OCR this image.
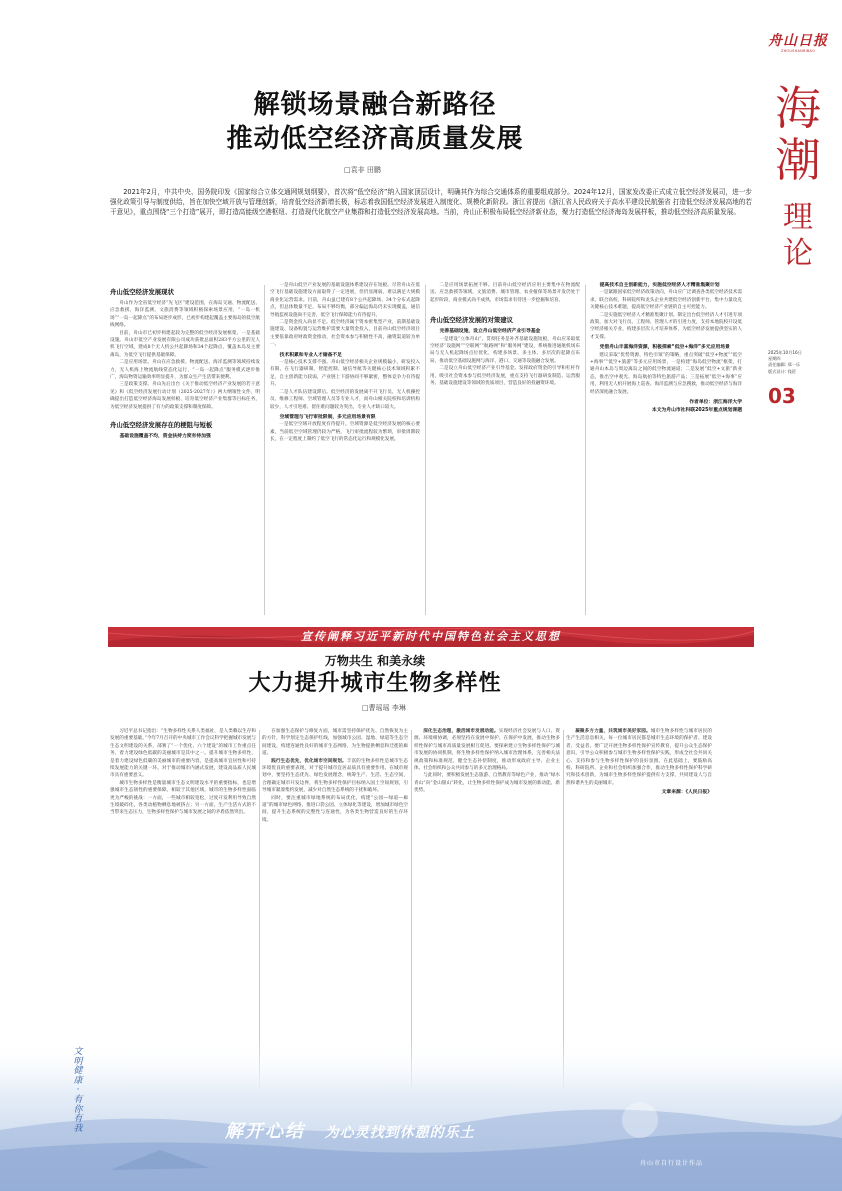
舟山日报
ZHOUSHANRIBAO
海
潮
理
论
2025年10月16日
星期四
责任编辑: 郑一乐
版式设计: 钱蓓
03
解锁场景融合新路径
推动低空经济高质量发展
□袁非 田鹏
2021年2月，中共中央、国务院印发《国家综合立体交通网规划纲要》，首次将“低空经济”纳入国家顶层设计，明确其作为综合交通体系的重要组成部分。2024年12月，国家发改委正式成立低空经济发展司，进一步强化政策引导与制度供给，旨在加快空域开放与管理创新，培育低空经济新增长极，标志着我国低空经济发展进入制度化、规模化新阶段。浙江省提出《浙江省人民政府关于高水平建设民航强省 打造低空经济发展高地的若干意见》，重点围绕“三个打造”展开，即打造高能级空港枢纽、打造现代化航空产业集群和打造低空经济发展高地。当前，舟山正积极布局低空经济新业态，聚力打造低空经济海岛发展样板，推动低空经济高质量发展。
舟山低空经济发展现状

舟山作为全省低空经济“先飞区”建设范围，在海岛交通、物流配送、应急救援、海洋监测、文旅消费等领域积极探索场景应用，“一岛一机场”“一岛一起降点”的布局逐步成形，已初步构建起覆盖主要海岛的低空航线网络。

目前，舟山市已初步构建起较为完整的低空经济发展框架，一是基础设施。舟山市低空产业发展有限公司成功获批总面积283平方公里的无人机飞行空域，建成8个无人机公共起降场和34个起降点，覆盖本岛及主要离岛，为低空飞行提供基础保障。

二是应用场景。舟山在应急救援、物流配送、海洋监测等领域持续发力，无人机海上物流航线常态化运行，“一岛一起降点”服务模式逐步推广，海岛物资运输效率明显提升，为群众生产生活带来便利。

三是政策支撑。舟山先后出台《关于推动低空经济产业发展的若干意见》和《低空经济发展行动计划（2025-2027年）》两大纲领性文件，明确提出打造低空经济海岛发展样板、培育低空经济产业集群等目标任务，为低空经济发展提供了有力的政策支撑和制度保障。

舟山低空经济发展存在的梗阻与短板
基础设施覆盖不均，资金扶持力度有待加强

一是舟山低空产业发展的基础设施体系建设存在短板。尽管舟山在低空飞行基础设施建设方面取得了一定进展，但仍显薄弱，难以满足大规模商业化运营需求。目前，舟山虽已建有8个公共起降场、34个分布式起降点，但总体数量不足，布局不够均衡，部分偏远海岛仍未实现覆盖，通信导航监视设施尚不完善，低空飞行保障能力有待提升。

二是资金投入尚显不足。低空经济属于资本密集型产业，前期基础设施建设、设备购置与运营维护需要大量资金投入，目前舟山低空经济项目主要依靠政府财政资金推动，社会资本参与积极性不高，融资渠道较为单一。

技术积累和专业人才储备不足

一是核心技术支撑不强。舟山低空经济相关企业规模偏小，研发投入有限，在飞行器研制、智能控制、通信导航等关键核心技术领域积累不足，自主创新能力较弱，产业链上下游协同不够紧密，整体竞争力有待提升。

二是人才队伍建设滞后。低空经济的发展离不开飞行员、无人机操控员、维修工程师、空域管理人员等专业人才，而舟山相关院校和培训机构较少，人才引进难、留住难问题较为突出，专业人才缺口较大。

空域管理与飞行审批限制，多元应用场景有限

一是低空空域开放程度有待提升。空域资源是低空经济发展的核心要素，当前低空空域管理仍较为严格，飞行审批流程较为繁琐，审批周期较长，在一定程度上制约了低空飞行的常态化运行和规模化发展。

二是应用场景拓展不够。目前舟山低空经济应用主要集中在物流配送、应急救援等领域，文旅消费、城市管理、农业植保等场景开发仍处于起步阶段，商业模式尚不成熟，市场需求有待进一步挖掘和培育。

舟山低空经济发展的对策建议
完善基础设施，设立舟山低空经济产业引导基金

一是建设“立体舟山”。贯彻任务是补齐基础设施短板，舟山应采取低空经济“设施网”“空联网”“航路网”和“服务网”建设，系统推进通航机场布局与无人机起降场点位优化，构建多场景、多主体、多层次的起降点布局，推动低空基础设施网与海洋、港口、交通等设施融合发展。

二是设立舟山低空经济产业引导基金。发挥政府资金的引导和杠杆作用，吸引社会资本参与低空经济发展，重点支持飞行器研发制造、运营服务、基础设施建设等领域的优质项目，营造良好的投融资环境。

提高技术自主创新能力，实施低空经济人才精准集聚计划

一是紧跟国家低空经济政策动向，舟山应广泛调查各类低空经济技术需求，联合高校、科研院所和龙头企业共建低空经济创新平台，集中力量攻克关键核心技术难题，提高低空经济产业链的自主可控能力。

二是实施低空经济人才精准集聚计划。制定出台低空经济人才引进专项政策，加大对飞行员、工程师、管理人才的引进力度，支持本地院校开设低空经济相关专业，构建多层次人才培养体系，为低空经济发展提供坚实的人才支撑。

凭借舟山丰富海洋资源，积极探索“低空+海洋”多元应用场景

建议采取“优势资源，特色引领”的策略，重点突破“低空+物流”“低空+海事”“低空+旅游”等多元应用场景，一是构建“海岛低空物流”框架，打通舟山本岛与周边离岛之间的低空物流通道；二是发展“低空+文旅”新业态，推出空中观光、海岛航拍等特色旅游产品；三是拓展“低空+海事”应用，利用无人机开展海上巡查、海洋监测与应急搜救，推动低空经济与海洋经济深度融合发展。

作者单位：浙江海洋大学
本文为舟山市社科联2025年重点规划课题
宣传阐释习近平新时代中国特色社会主义思想
万物共生 和美永续
大力提升城市生物多样性
□曹瑶瑶 李琳

习近平总书记指出：“生物多样性关系人类福祉，是人类赖以生存和发展的重要基础。”今年7月召开的中央城市工作会议科学把握城市发展与生态文明建设的关系，部署了“一个优化、六个建设”的城市工作重点任务，着力建设绿色低碳的美丽城市是其中之一。提升城市生物多样性，是着力建设绿色低碳的美丽城市的重要内容，是提高城市宜居性和可持续发展能力的关键一环。对于推动城市内涵式发展，建设高品质人民城市具有重要意义。

城市生物多样性是衡量城市生态文明建设水平的重要指标，也是增强城市生态韧性的重要保障。相较于其他区域，城市的生物多样性面临更为严峻的挑战：一方面，一些城市相较宽松，过度开发利用导致自然生境破碎化，各类动植物栖息地被挤占；另一方面，生产生活方式的不当带来生态压力，生物多样性保护与城市发展之间的矛盾依然突出。

在加强生态保护与修复方面，城市需坚持保护优先、自然恢复为主的方针，科学划定生态保护红线，加强城市公园、湿地、绿道等生态空间建设，构建连通性良好的城市生态网络，为生物提供栖息和迁徙的廊道。

践行生态优先，优化城市空间规划。丰富的生物多样性是城市生态环境优良的重要表现，对于提升城市宜居品质具有重要作用。在城市规划中，要坚持生态优先、绿色发展理念，统筹生产、生活、生态空间，合理确定城市开发边界，将生物多样性保护目标纳入国土空间规划，引导城市紧凑集约发展，减少对自然生态系统的干扰和破坏。

同时，要注重城市绿地系统的布局优化，构建“公园—绿道—廊道”的城市绿色网络，推进口袋公园、立体绿化等建设，增加城市绿色空间，提升生态系统的完整性与连通性，为各类生物营造良好的生存环境。

深化生态治理，激活城市发展动能。实现经济社会发展与人口、资源、环境相协调，必须坚持在发展中保护、在保护中发展，推动生物多样性保护与城市高质量发展相互促进。要探索建立生物多样性保护与城市发展的协同机制，将生物多样性保护纳入城市治理体系，完善相关法规政策和标准规范，健全生态补偿制度，推动形成政府主导、企业主体、社会组织和公众共同参与的多元治理格局。

与此同时，要积极发展生态旅游、自然教育等绿色产业，推动“绿水青山”向“金山银山”转化，让生物多样性保护成为城市发展的新动能、新优势。

凝聚多方力量，共筑城市美好家园。城市生物多样性与城市居民的生产生活息息相关，每一位城市居民都是城市生态环境的保护者、建设者、受益者。要广泛开展生物多样性保护宣传教育，提升公众生态保护意识，引导公众积极参与城市生物多样性保护实践，形成全社会共同关心、支持和参与生物多样性保护的良好氛围。在此基础上，要鼓励高校、科研院所、企业和社会组织加强合作，推动生物多样性保护科学研究和技术创新，为城市生物多样性保护提供有力支撑，共同建设人与自然和谐共生的美丽城市。

文章来源：《人民日报》
文
明
健
康
·
有
你
有
我	解开心结 为心灵找到休憩的乐土
舟山市自行设计作品
